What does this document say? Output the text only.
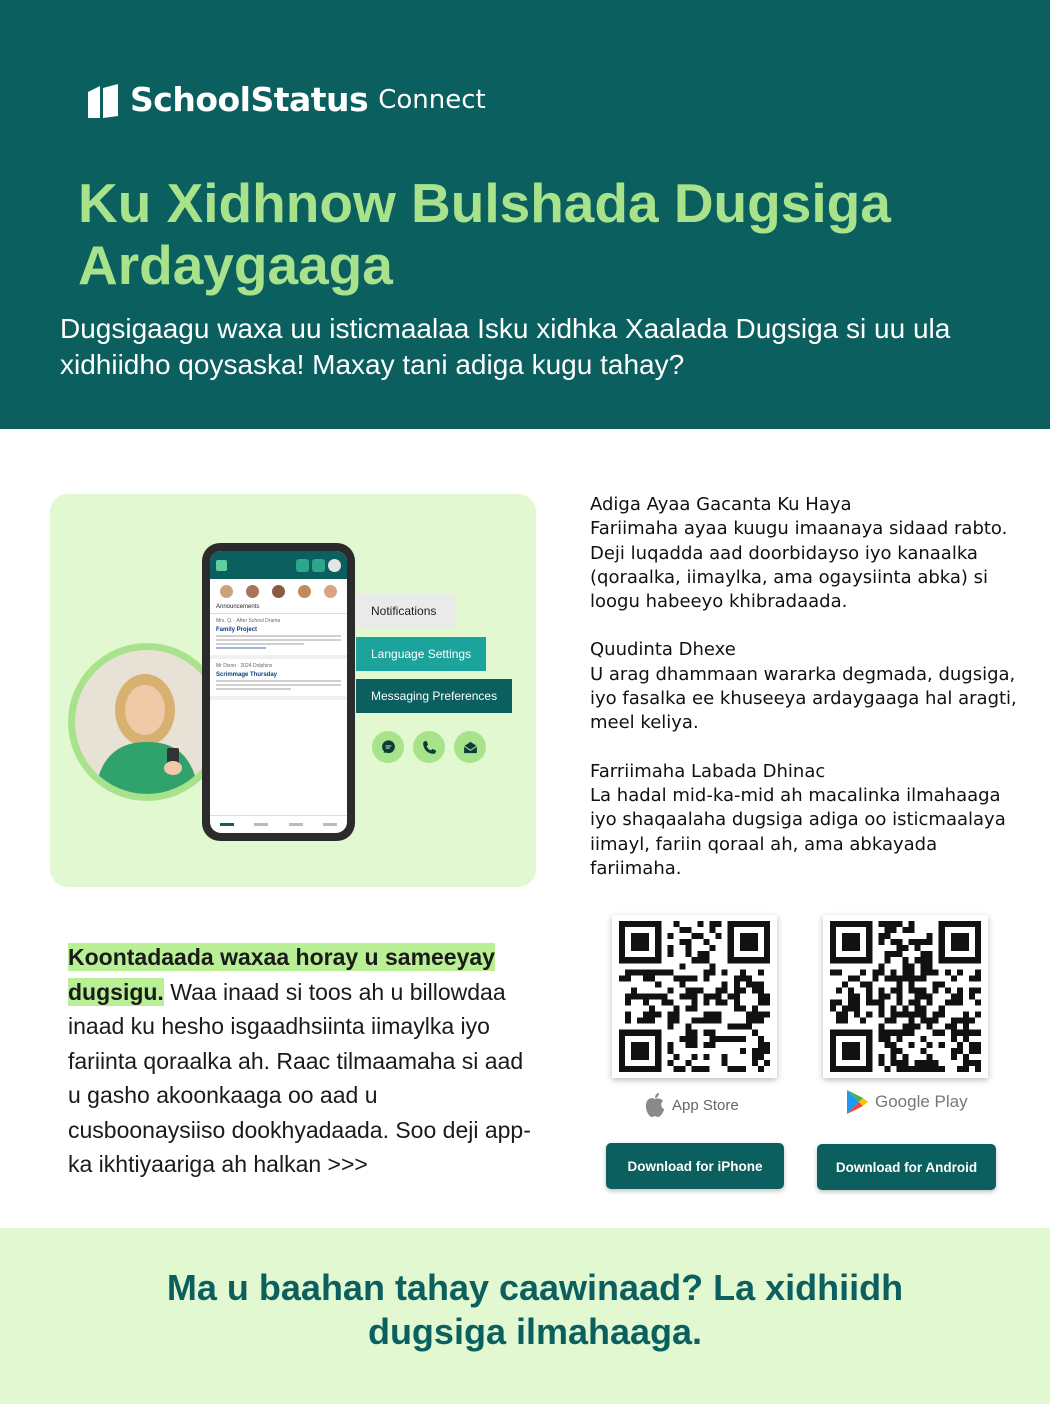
SchoolStatus Connect
Ku Xidhnow Bulshada Dugsiga Ardaygaaga
Dugsigaagu waxa uu isticmaalaa Isku xidhka Xaalada Dugsiga si uu ula xidhiidho qoysaska! Maxay tani adiga kugu tahay?
Announcements
Mrs. Q. · After School Drama
Family Project
Mr Dixon · 2024 Dolphins
Scrimmage Thursday
Notifications
Language Settings
Messaging Preferences
Adiga Ayaa Gacanta Ku Haya
Fariimaha ayaa kuugu imaanaya sidaad rabto. Deji luqadda aad doorbidayso iyo kanaalka (qoraalka, iimaylka, ama ogaysiinta abka) si loogu habeeyo khibradaada.
Quudinta Dhexe
U arag dhammaan wararka degmada, dugsiga, iyo fasalka ee khuseeya ardaygaaga hal aragti, meel keliya.
Farriimaha Labada Dhinac
La hadal mid-ka-mid ah macalinka ilmahaaga iyo shaqaalaha dugsiga adiga oo isticmaalaya iimayl, fariin qoraal ah, ama abkayada fariimaha.
Koontadaada waxaa horay u sameeyay dugsigu. Waa inaad si toos ah u billowdaa inaad ku hesho isgaadhsiinta iimaylka iyo fariinta qoraalka ah. Raac tilmaamaha si aad u gasho akoonkaaga oo aad u cusboonaysiiso dookhyadaada. Soo deji app-ka ikhtiyaariga ah halkan >>>
App Store	Google Play
Download for iPhone	Download for Android
Ma u baahan tahay caawinaad? La xidhiidh dugsiga ilmahaaga.
